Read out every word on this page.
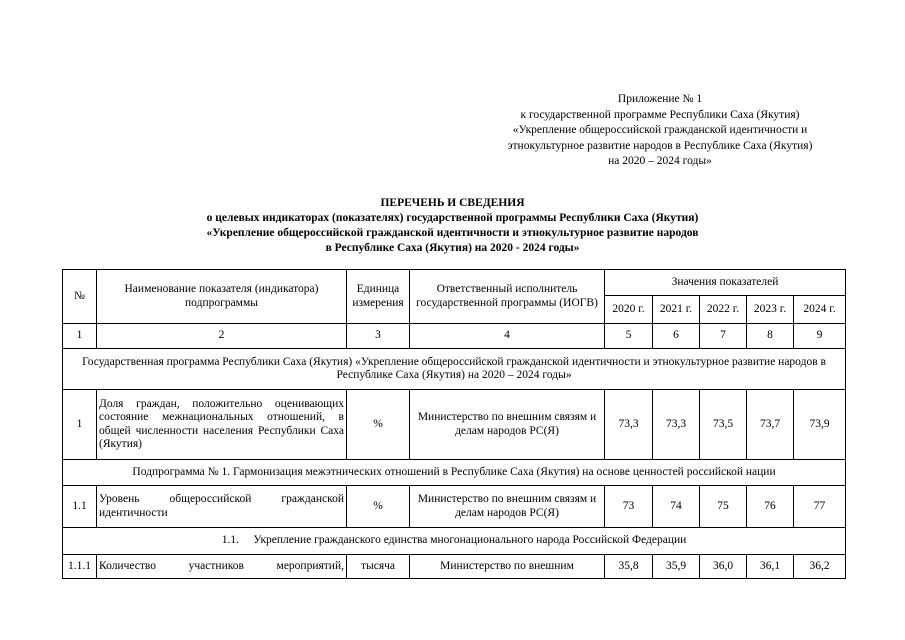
Приложение № 1
к государственной программе Республики Саха (Якутия)
«Укрепление общероссийской гражданской идентичности и
этнокультурное развитие народов в Республике Саха (Якутия)
на 2020 – 2024 годы»
ПЕРЕЧЕНЬ И СВЕДЕНИЯ
о целевых индикаторах (показателях) государственной программы Республики Саха (Якутия)
«Укрепление общероссийской гражданской идентичности и этнокультурное развитие народов
в Республике Саха (Якутия) на 2020 - 2024 годы»
№	Наименование показателя (индикатора) подпрограммы	Единица измерения	Ответственный исполнитель государственной программы (ИОГВ)	Значения показателей				
				2020 г.	2021 г.	2022 г.	2023 г.	2024 г.
1	2	3	4	5	6	7	8	9
Государственная программа Республики Саха (Якутия) «Укрепление общероссийской гражданской идентичности и этнокультурное развитие народов в Республике Саха (Якутия) на 2020 – 2024 годы»								
1	Доля граждан, положительно оценивающих состояние межнациональных отношений, в общей численности населения Республики Саха (Якутия)	%	Министерство по внешним связям и делам народов РС(Я)	73,3	73,3	73,5	73,7	73,9
Подпрограмма № 1. Гармонизация межэтнических отношений в Республике Саха (Якутия) на основе ценностей российской нации								
1.1	Уровень общероссийской гражданской идентичности	%	Министерство по внешним связям и делам народов РС(Я)	73	74	75	76	77
1.1.     Укрепление гражданского единства многонационального народа Российской Федерации								
1.1.1	Количество участников мероприятий,	тысяча	Министерство по внешним	35,8	35,9	36,0	36,1	36,2
